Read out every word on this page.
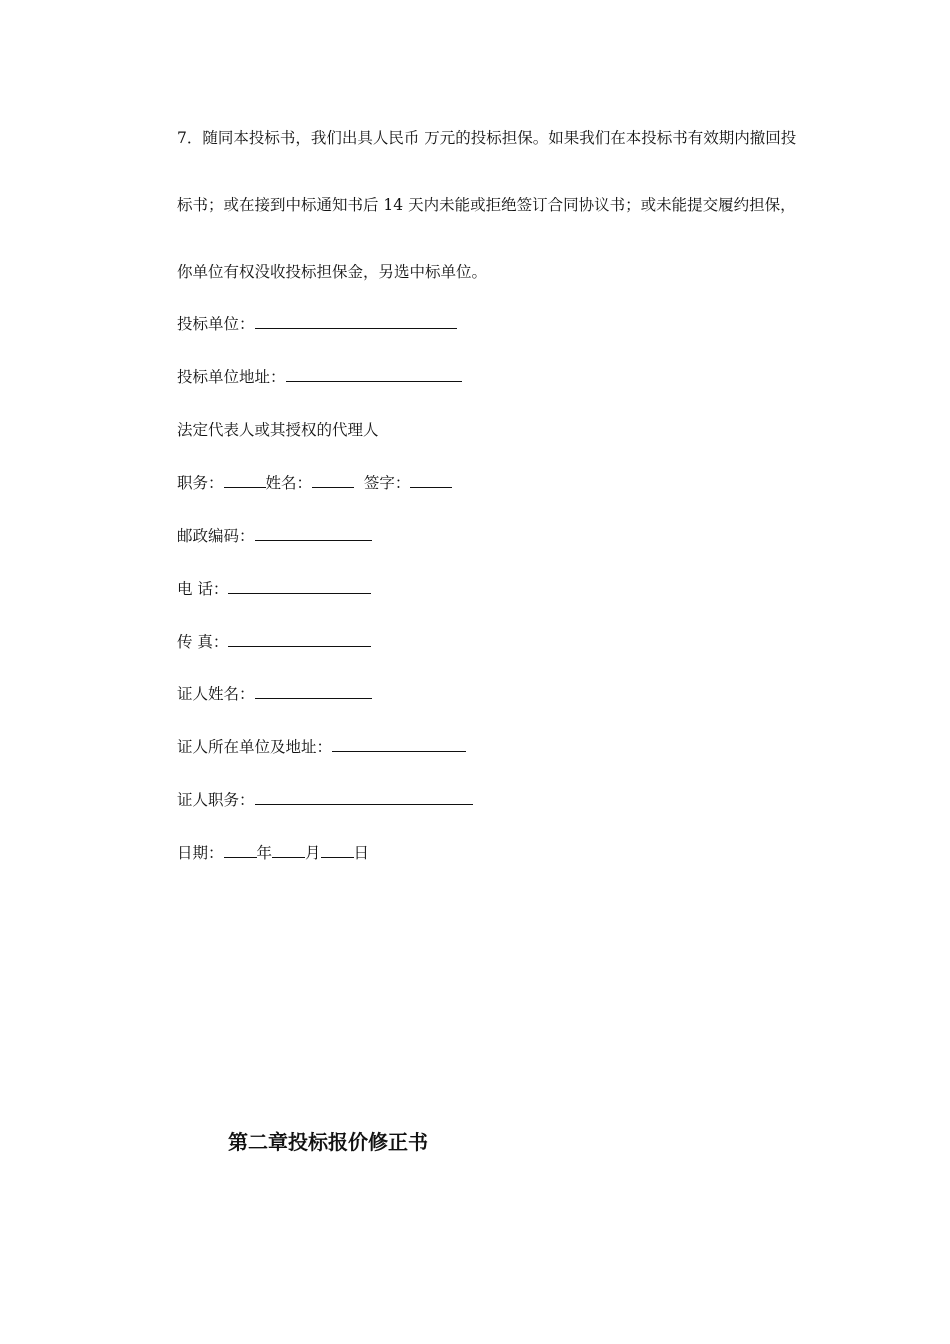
7．随同本投标书，我们出具人民币 万元的投标担保。如果我们在本投标书有效期内撤回投
标书；或在接到中标通知书后 14 天内未能或拒绝签订合同协议书；或未能提交履约担保，
你单位有权没收投标担保金，另选中标单位。
投标单位：
投标单位地址：
法定代表人或其授权的代理人
职务：	姓名：	签字：
邮政编码：
电 话：
传 真：
证人姓名：
证人所在单位及地址：
证人职务：
日期： 年 月 日
第二章投标报价修正书
